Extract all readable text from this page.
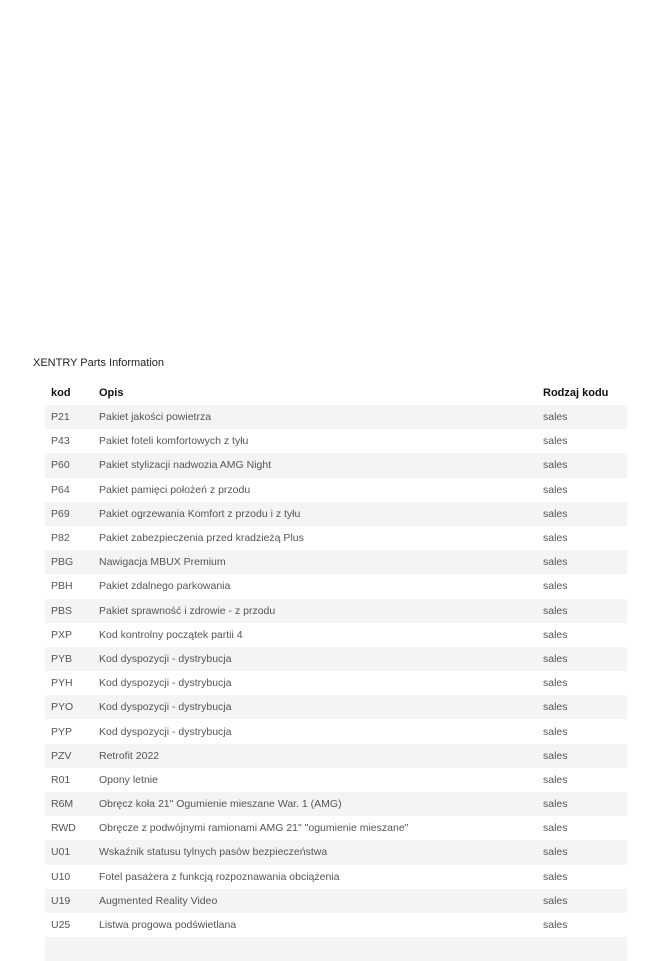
XENTRY Parts Information
kod	Opis	Rodzaj kodu
P21	Pakiet jakości powietrza	sales
P43	Pakiet foteli komfortowych z tyłu	sales
P60	Pakiet stylizacji nadwozia AMG Night	sales
P64	Pakiet pamięci położeń z przodu	sales
P69	Pakiet ogrzewania Komfort z przodu i z tyłu	sales
P82	Pakiet zabezpieczenia przed kradzieżą Plus	sales
PBG	Nawigacja MBUX Premium	sales
PBH	Pakiet zdalnego parkowania	sales
PBS	Pakiet sprawność i zdrowie - z przodu	sales
PXP	Kod kontrolny początek partii 4	sales
PYB	Kod dyspozycji - dystrybucja	sales
PYH	Kod dyspozycji - dystrybucja	sales
PYO	Kod dyspozycji - dystrybucja	sales
PYP	Kod dyspozycji - dystrybucja	sales
PZV	Retrofit 2022	sales
R01	Opony letnie	sales
R6M	Obręcz koła 21" Ogumienie mieszane War. 1 (AMG)	sales
RWD	Obręcze z podwójnymi ramionami AMG 21" "ogumienie mieszane"	sales
U01	Wskaźnik statusu tylnych pasów bezpieczeństwa	sales
U10	Fotel pasażera z funkcją rozpoznawania obciążenia	sales
U19	Augmented Reality Video	sales
U25	Listwa progowa podświetlana	sales
